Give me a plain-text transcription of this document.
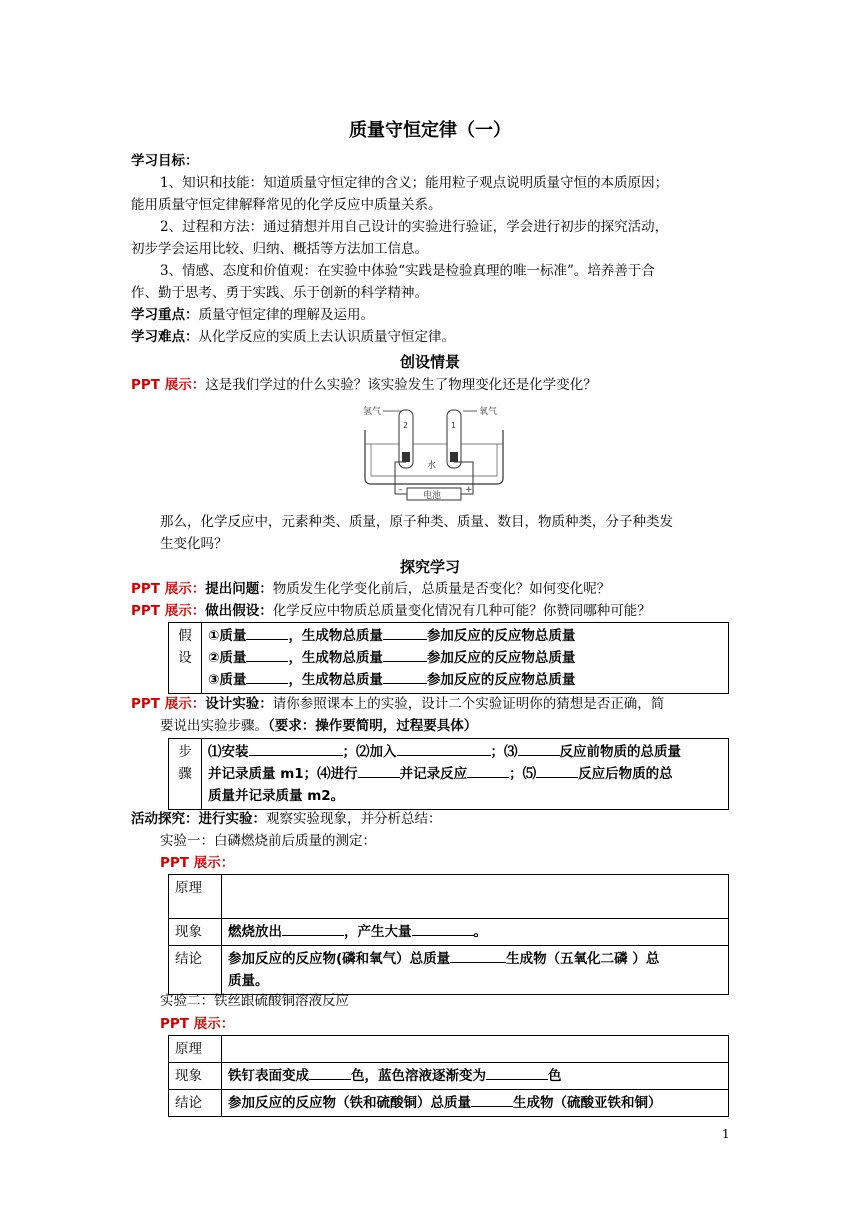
质量守恒定律（一）
学习目标：
1、知识和技能：知道质量守恒定律的含义；能用粒子观点说明质量守恒的本质原因；
能用质量守恒定律解释常见的化学反应中质量关系。
2、过程和方法：通过猜想并用自己设计的实验进行验证，学会进行初步的探究活动，
初步学会运用比较、归纳、概括等方法加工信息。
3、情感、态度和价值观：在实验中体验“实践是检验真理的唯一标准”。培养善于合
作、勤于思考、勇于实践、乐于创新的科学精神。
学习重点：质量守恒定律的理解及运用。
学习难点：从化学反应的实质上去认识质量守恒定律。
创设情景
PPT 展示：这是我们学过的什么实验？该实验发生了物理变化还是化学变化？
氢气	氧气
水
2	1
电池
-	+
那么，化学反应中，元素种类、质量，原子种类、质量、数目，物质种类，分子种类发
生变化吗？
探究学习
PPT 展示：提出问题：物质发生化学变化前后，总质量是否变化？如何变化呢？
PPT 展示：做出假设：化学反应中物质总质量变化情况有几种可能？你赞同哪种可能？
假
设	
①质量	，生成物总质量	参加反应的反应物总质量
②质量	，生成物总质量	参加反应的反应物总质量
③质量	，生成物总质量	参加反应的反应物总质量
PPT 展示：设计实验：请你参照课本上的实验，设计二个实验证明你的猜想是否正确，简
要说出实验步骤。（要求：操作要简明，过程要具体）
步
骤	
⑴安装	；⑵加入	；⑶	反应前物质的总质量
并记录质量 m1；⑷进行	并记录反应	；⑸	反应后物质的总
质量并记录质量 m2。
活动探究：进行实验：观察实验现象，并分析总结：
实验一：白磷燃烧前后质量的测定：
PPT 展示：
原理	
现象	燃烧放出 ，产生大量 。
结论	参加反应的反应物(磷和氧气）总质量 生成物（五氧化二磷 ）总
质量。
实验二：铁丝跟硫酸铜溶液反应
PPT 展示：
原理	
现象	铁钉表面变成 色，蓝色溶液逐渐变为 色
结论	参加反应的反应物（铁和硫酸铜）总质量 生成物（硫酸亚铁和铜）
1
